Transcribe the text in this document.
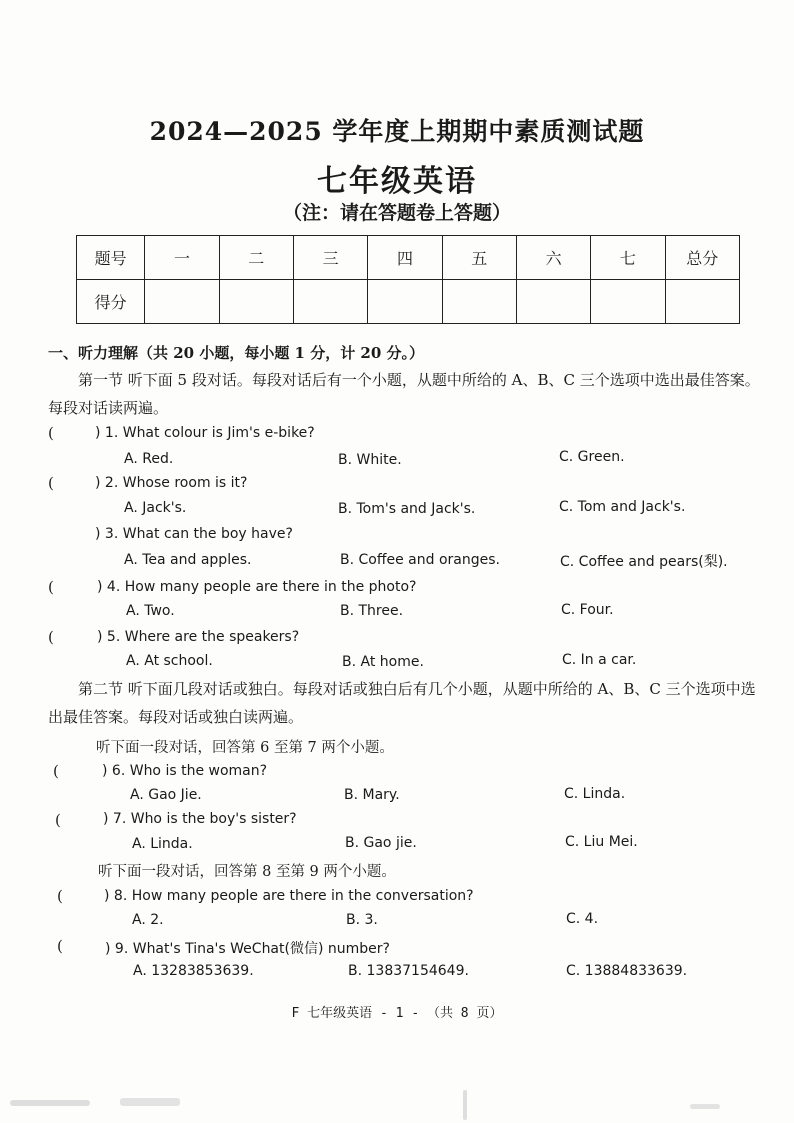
2024—2025 学年度上期期中素质测试题
七年级英语
（注：请在答题卷上答题）
题号	一	二	三	四	五	六	七	总分
得分								
一、听力理解（共 20 小题，每小题 1 分，计 20 分。）
第一节 听下面 5 段对话。每段对话后有一个小题，从题中所给的 A、B、C 三个选项中选出最佳答案。每段对话读两遍。
(	) 1. What colour is Jim's e-bike?
A. Red.	B. White.	C. Green.
(	) 2. Whose room is it?
A. Jack's.	B. Tom's and Jack's.	C. Tom and Jack's.
) 3. What can the boy have?
A. Tea and apples.	B. Coffee and oranges.	C. Coffee and pears(梨).
(	) 4. How many people are there in the photo?
A. Two.	B. Three.	C. Four.
(	) 5. Where are the speakers?
A. At school.	B. At home.	C. In a car.
第二节 听下面几段对话或独白。每段对话或独白后有几个小题，从题中所给的 A、B、C 三个选项中选出最佳答案。每段对话或独白读两遍。
听下面一段对话，回答第 6 至第 7 两个小题。
(	) 6. Who is the woman?
A. Gao Jie.	B. Mary.	C. Linda.
(	) 7. Who is the boy's sister?
A. Linda.	B. Gao jie.	C. Liu Mei.
听下面一段对话，回答第 8 至第 9 两个小题。
(	) 8. How many people are there in the conversation?
A. 2.	B. 3.	C. 4.
(	) 9. What's Tina's WeChat(微信) number?
A. 13283853639.	B. 13837154649.	C. 13884833639.
F 七年级英语 - 1 - （共 8 页）
